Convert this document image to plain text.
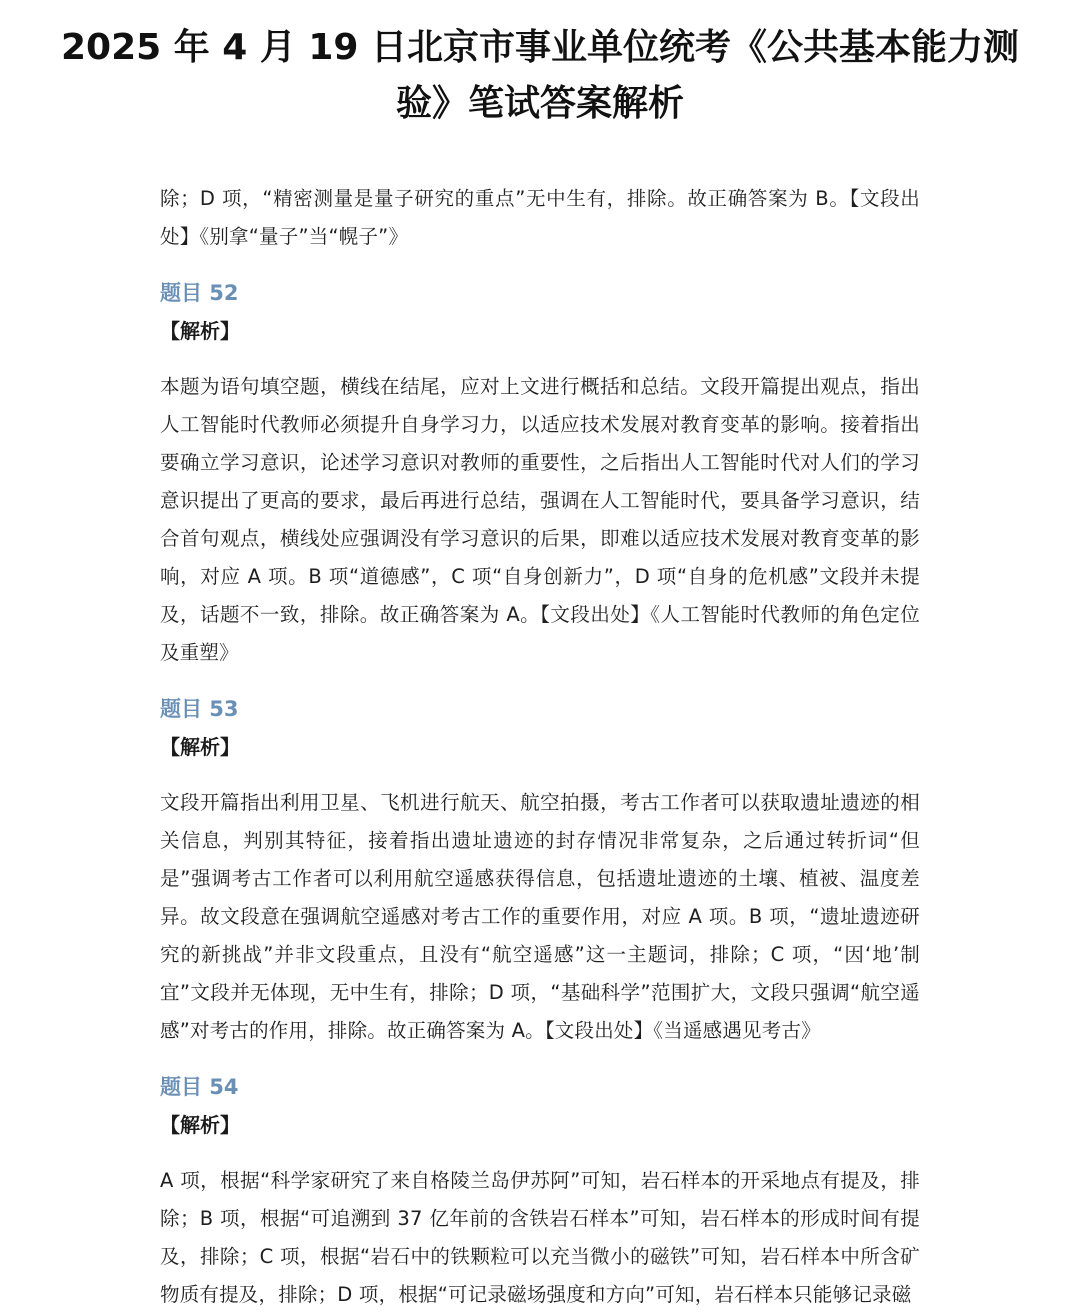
2025 年 4 月 19 日北京市事业单位统考《公共基本能力测验》笔试答案解析

除；D 项，“精密测量是量子研究的重点”无中生有，排除。故正确答案为 B。【文段出处】《别拿“量子”当“幌子”》

题目 52

【解析】

本题为语句填空题，横线在结尾，应对上文进行概括和总结。文段开篇提出观点，指出人工智能时代教师必须提升自身学习力，以适应技术发展对教育变革的影响。接着指出要确立学习意识，论述学习意识对教师的重要性，之后指出人工智能时代对人们的学习意识提出了更高的要求，最后再进行总结，强调在人工智能时代，要具备学习意识，结合首句观点，横线处应强调没有学习意识的后果，即难以适应技术发展对教育变革的影响，对应 A 项。B 项“道德感”，C 项“自身创新力”，D 项“自身的危机感”文段并未提及，话题不一致，排除。故正确答案为 A。【文段出处】《人工智能时代教师的角色定位及重塑》

题目 53

【解析】

文段开篇指出利用卫星、飞机进行航天、航空拍摄，考古工作者可以获取遗址遗迹的相关信息，判别其特征，接着指出遗址遗迹的封存情况非常复杂，之后通过转折词“但是”强调考古工作者可以利用航空遥感获得信息，包括遗址遗迹的土壤、植被、温度差异。故文段意在强调航空遥感对考古工作的重要作用，对应 A 项。B 项，“遗址遗迹研究的新挑战”并非文段重点，且没有“航空遥感”这一主题词，排除；C 项，“因‘地’制宜”文段并无体现，无中生有，排除；D 项，“基础科学”范围扩大，文段只强调“航空遥感”对考古的作用，排除。故正确答案为 A。【文段出处】《当遥感遇见考古》

题目 54

【解析】

A 项，根据“科学家研究了来自格陵兰岛伊苏阿”可知，岩石样本的开采地点有提及，排除；B 项，根据“可追溯到 37 亿年前的含铁岩石样本”可知，岩石样本的形成时间有提及，排除；C 项，根据“岩石中的铁颗粒可以充当微小的磁铁”可知，岩石样本中所含矿物质有提及，排除；D 项，根据“可记录磁场强度和方向”可知，岩石样本只能够记录磁
